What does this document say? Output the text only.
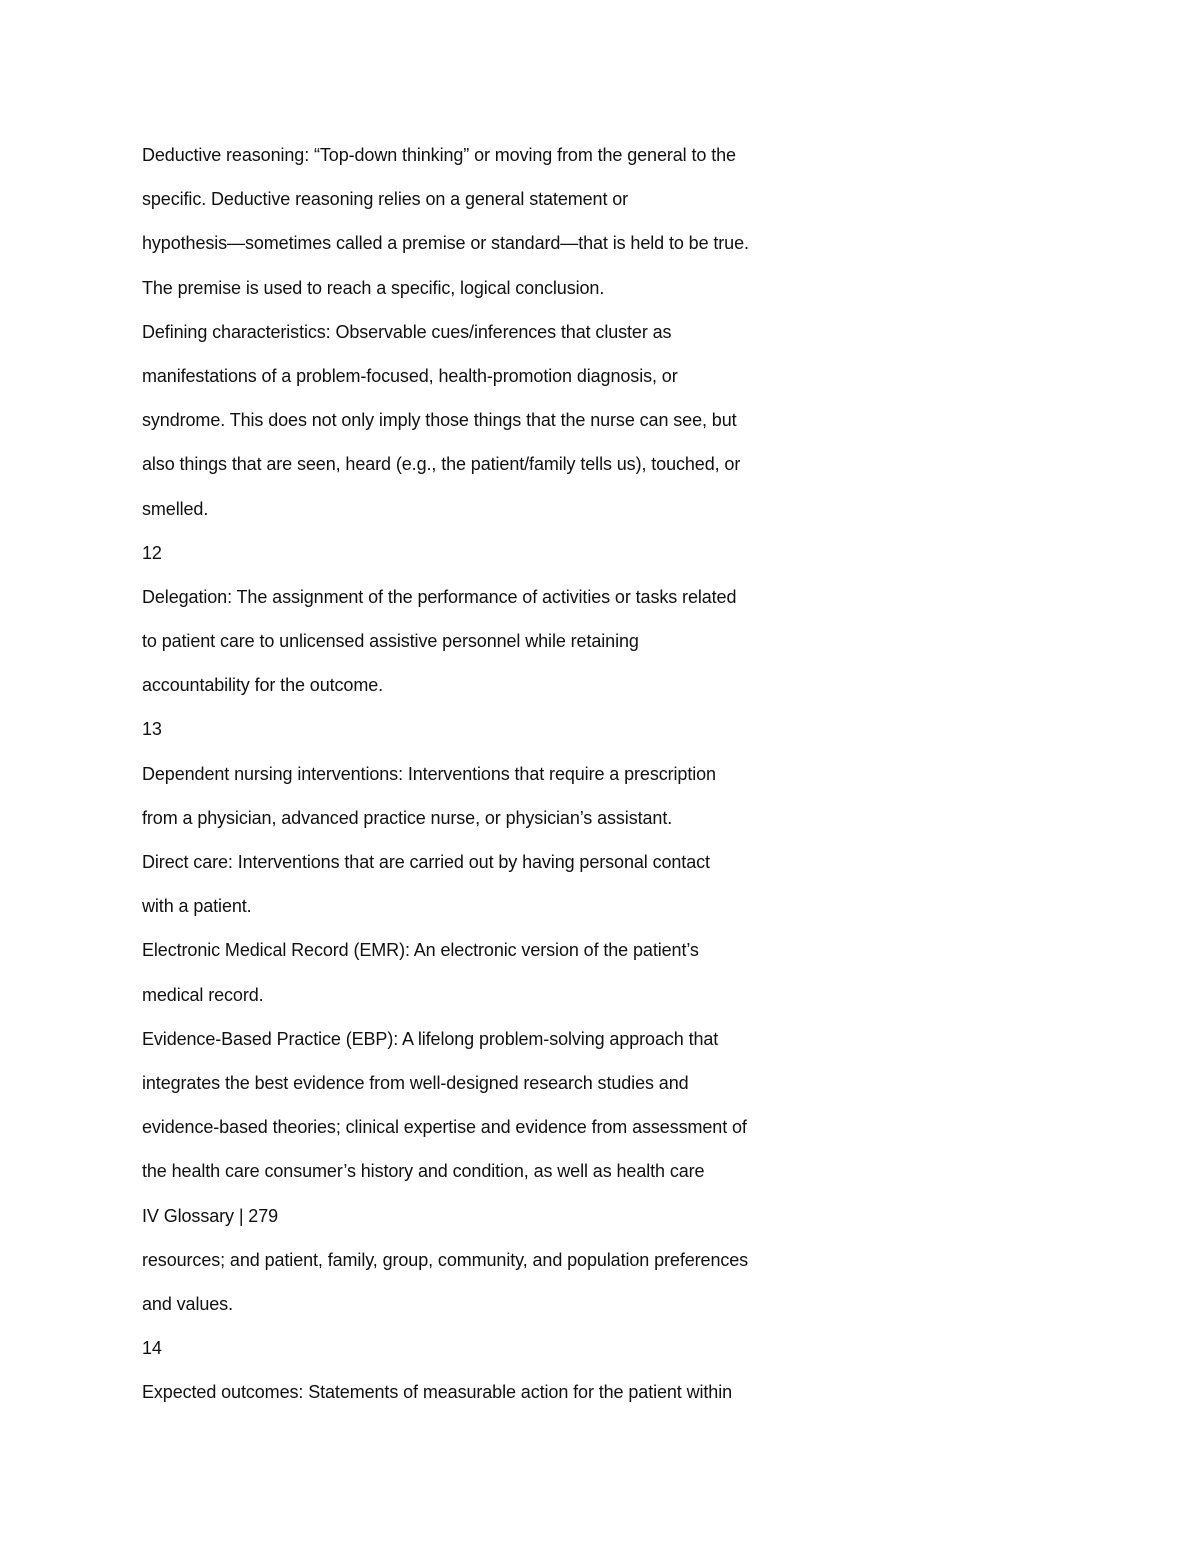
Deductive reasoning: “Top-down thinking” or moving from the general to the
specific. Deductive reasoning relies on a general statement or
hypothesis—sometimes called a premise or standard—that is held to be true.
The premise is used to reach a specific, logical conclusion.
Defining characteristics: Observable cues/inferences that cluster as
manifestations of a problem-focused, health-promotion diagnosis, or
syndrome. This does not only imply those things that the nurse can see, but
also things that are seen, heard (e.g., the patient/family tells us), touched, or
smelled.
12
Delegation: The assignment of the performance of activities or tasks related
to patient care to unlicensed assistive personnel while retaining
accountability for the outcome.
13
Dependent nursing interventions: Interventions that require a prescription
from a physician, advanced practice nurse, or physician’s assistant.
Direct care: Interventions that are carried out by having personal contact
with a patient.
Electronic Medical Record (EMR): An electronic version of the patient’s
medical record.
Evidence-Based Practice (EBP): A lifelong problem-solving approach that
integrates the best evidence from well-designed research studies and
evidence-based theories; clinical expertise and evidence from assessment of
the health care consumer’s history and condition, as well as health care
IV Glossary | 279
resources; and patient, family, group, community, and population preferences
and values.
14
Expected outcomes: Statements of measurable action for the patient within
